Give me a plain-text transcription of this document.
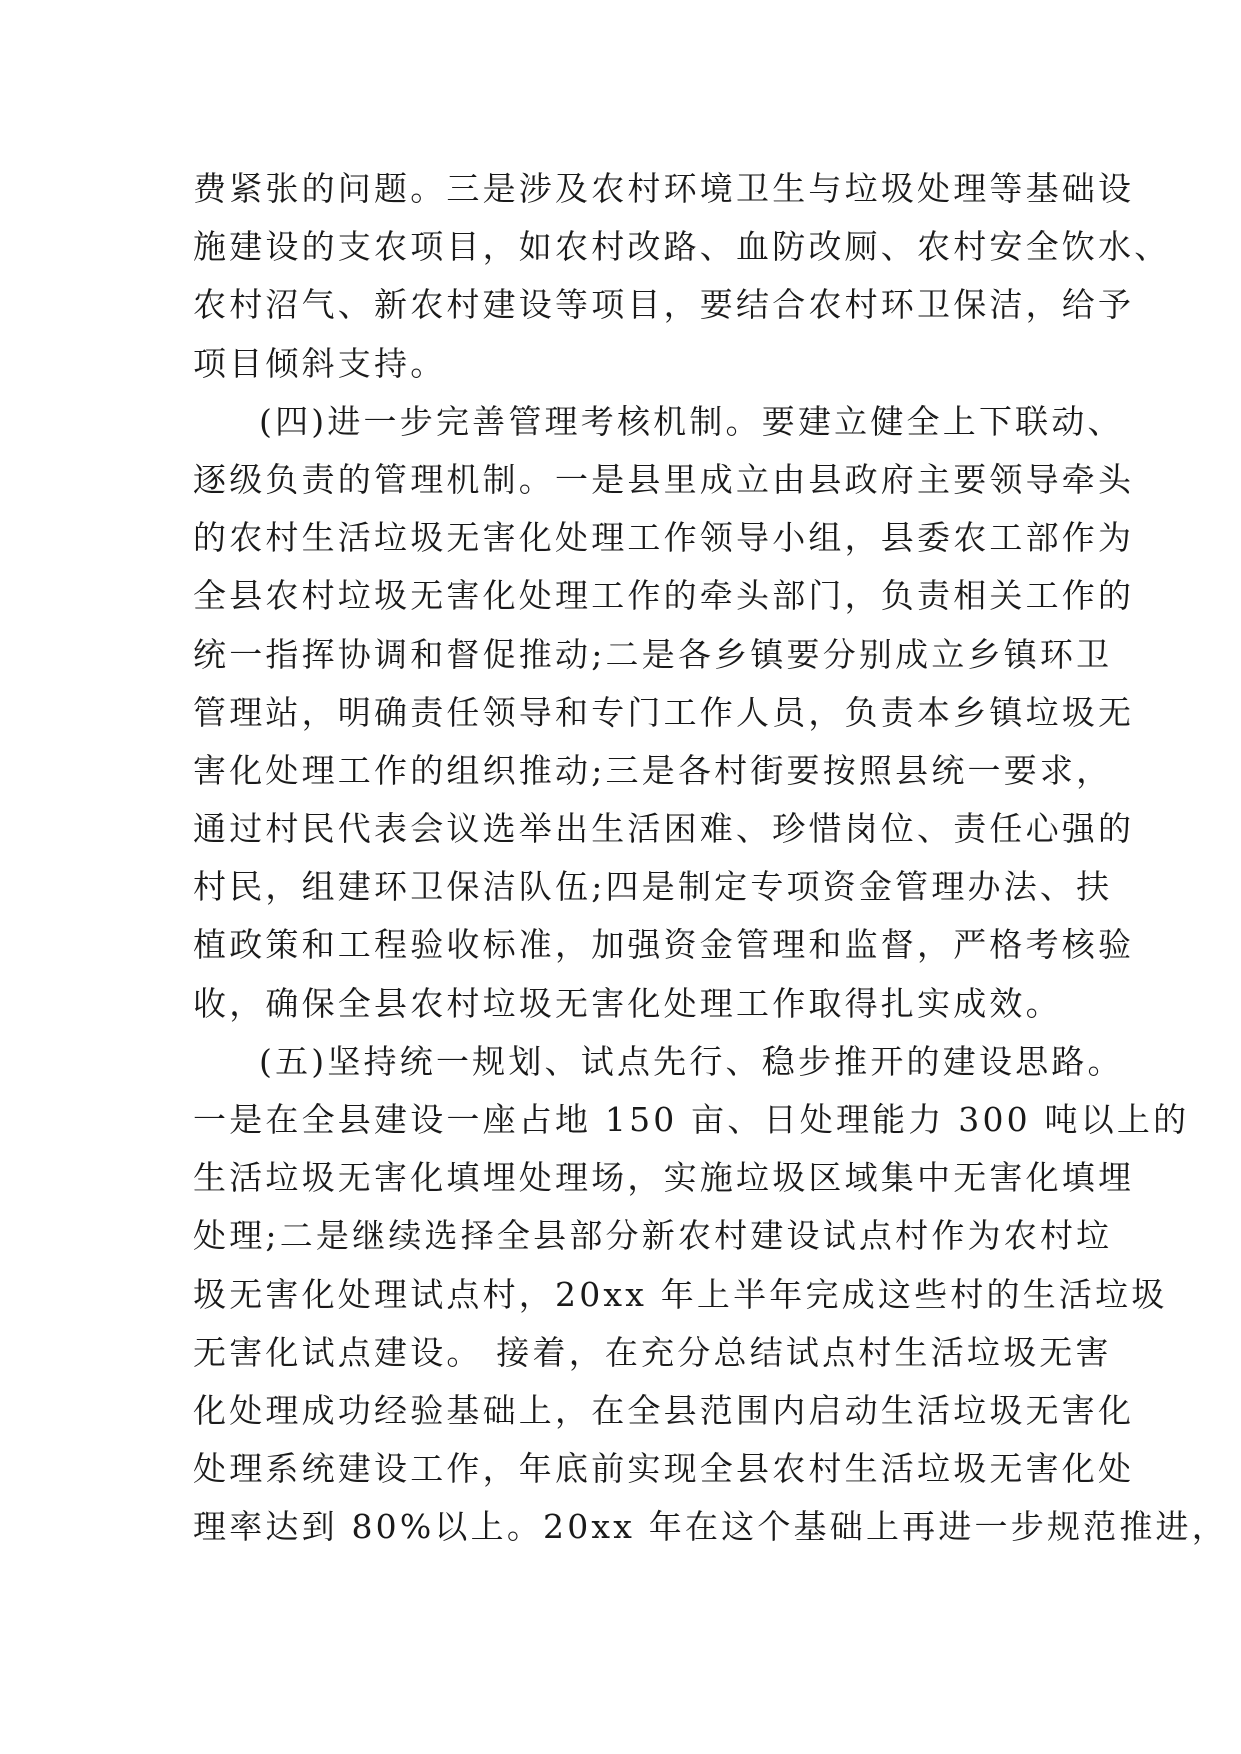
费紧张的问题。三是涉及农村环境卫生与垃圾处理等基础设
施建设的支农项目，如农村改路、血防改厕、农村安全饮水、
农村沼气、新农村建设等项目，要结合农村环卫保洁，给予
项目倾斜支持。
(四)进一步完善管理考核机制。要建立健全上下联动、
逐级负责的管理机制。一是县里成立由县政府主要领导牵头
的农村生活垃圾无害化处理工作领导小组，县委农工部作为
全县农村垃圾无害化处理工作的牵头部门，负责相关工作的
统一指挥协调和督促推动;二是各乡镇要分别成立乡镇环卫
管理站，明确责任领导和专门工作人员，负责本乡镇垃圾无
害化处理工作的组织推动;三是各村街要按照县统一要求，
通过村民代表会议选举出生活困难、珍惜岗位、责任心强的
村民，组建环卫保洁队伍;四是制定专项资金管理办法、扶
植政策和工程验收标准，加强资金管理和监督，严格考核验
收，确保全县农村垃圾无害化处理工作取得扎实成效。
(五)坚持统一规划、试点先行、稳步推开的建设思路。
一是在全县建设一座占地 150 亩、日处理能力 300 吨以上的
生活垃圾无害化填埋处理场，实施垃圾区域集中无害化填埋
处理;二是继续选择全县部分新农村建设试点村作为农村垃
圾无害化处理试点村，20xx 年上半年完成这些村的生活垃圾
无害化试点建设。 接着，在充分总结试点村生活垃圾无害
化处理成功经验基础上，在全县范围内启动生活垃圾无害化
处理系统建设工作，年底前实现全县农村生活垃圾无害化处
理率达到 80%以上。20xx 年在这个基础上再进一步规范推进，
